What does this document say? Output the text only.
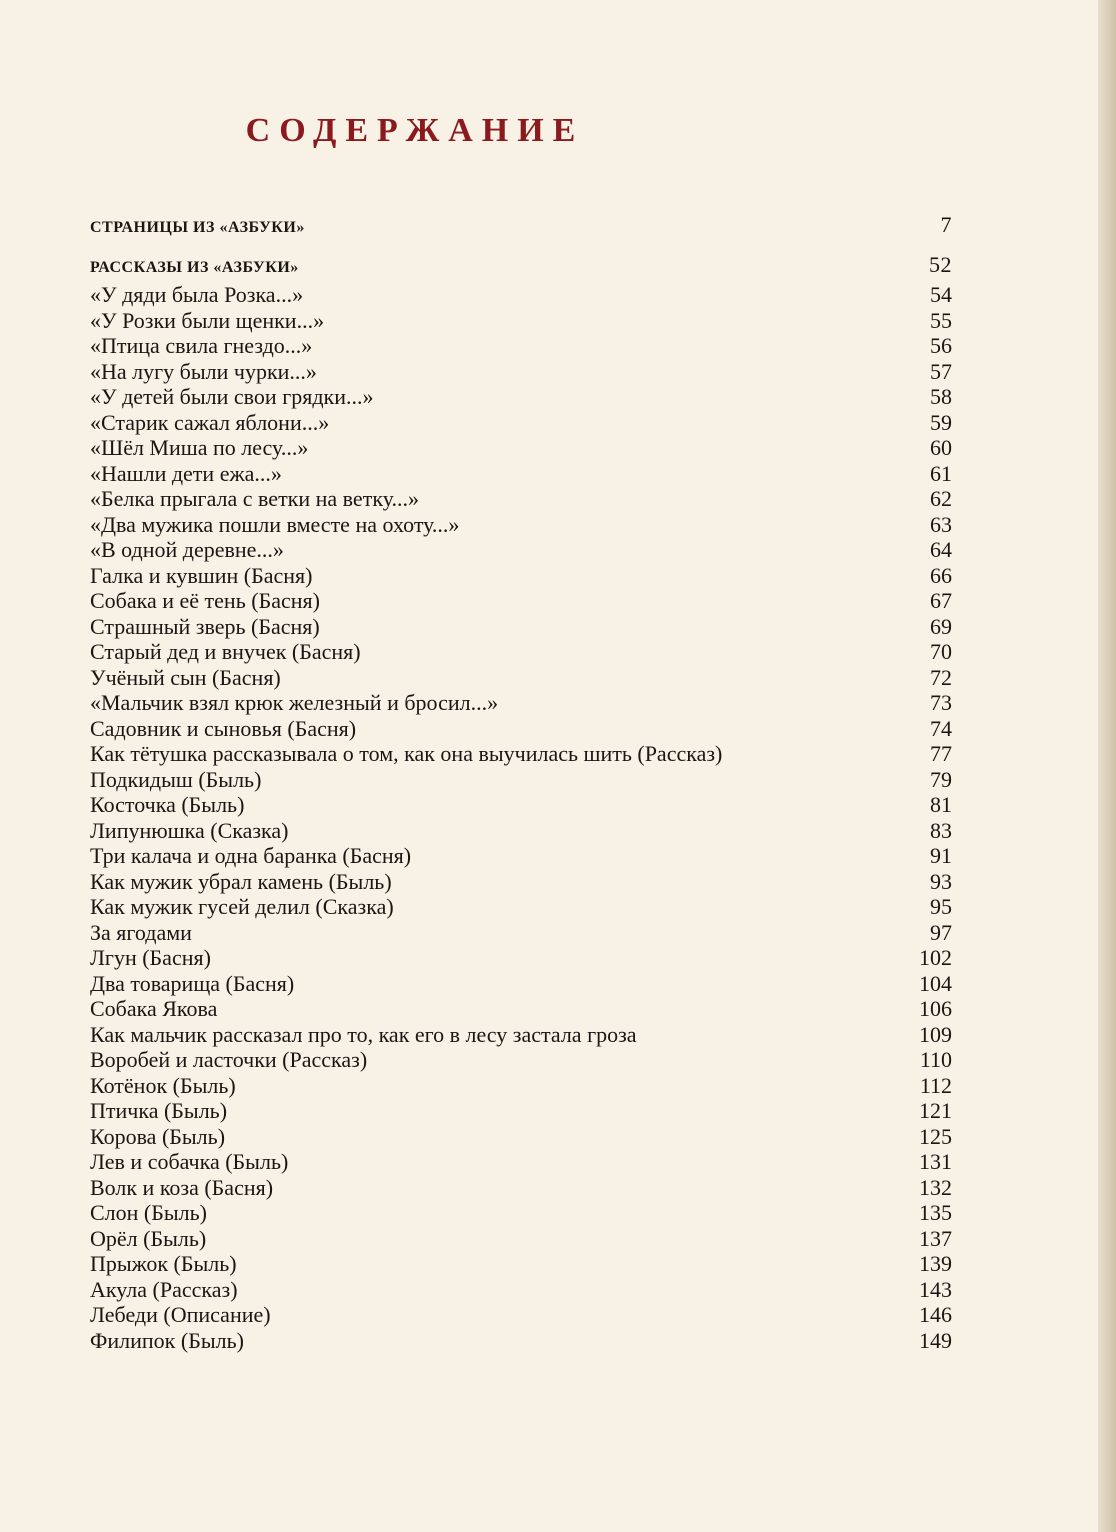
СОДЕРЖАНИЕ
СТРАНИЦЫ ИЗ «АЗБУКИ»	7
РАССКАЗЫ ИЗ «АЗБУКИ»	52
«У дяди была Розка...»	54
«У Розки были щенки...»	55
«Птица свила гнездо...»	56
«На лугу были чурки...»	57
«У детей были свои грядки...»	58
«Старик сажал яблони...»	59
«Шёл Миша по лесу...»	60
«Нашли дети ежа...»	61
«Белка прыгала с ветки на ветку...»	62
«Два мужика пошли вместе на охоту...»	63
«В одной деревне...»	64
Галка и кувшин (Басня)	66
Собака и её тень (Басня)	67
Страшный зверь (Басня)	69
Старый дед и внучек (Басня)	70
Учёный сын (Басня)	72
«Мальчик взял крюк железный и бросил...»	73
Садовник и сыновья (Басня)	74
Как тётушка рассказывала о том, как она выучилась шить (Рассказ)	77
Подкидыш (Быль)	79
Косточка (Быль)	81
Липунюшка (Сказка)	83
Три калача и одна баранка (Басня)	91
Как мужик убрал камень (Быль)	93
Как мужик гусей делил (Сказка)	95
За ягодами	97
Лгун (Басня)	102
Два товарища (Басня)	104
Собака Якова	106
Как мальчик рассказал про то, как его в лесу застала гроза	109
Воробей и ласточки (Рассказ)	110
Котёнок (Быль)	112
Птичка (Быль)	121
Корова (Быль)	125
Лев и собачка (Быль)	131
Волк и коза (Басня)	132
Слон (Быль)	135
Орёл (Быль)	137
Прыжок (Быль)	139
Акула (Рассказ)	143
Лебеди (Описание)	146
Филипок (Быль)	149
